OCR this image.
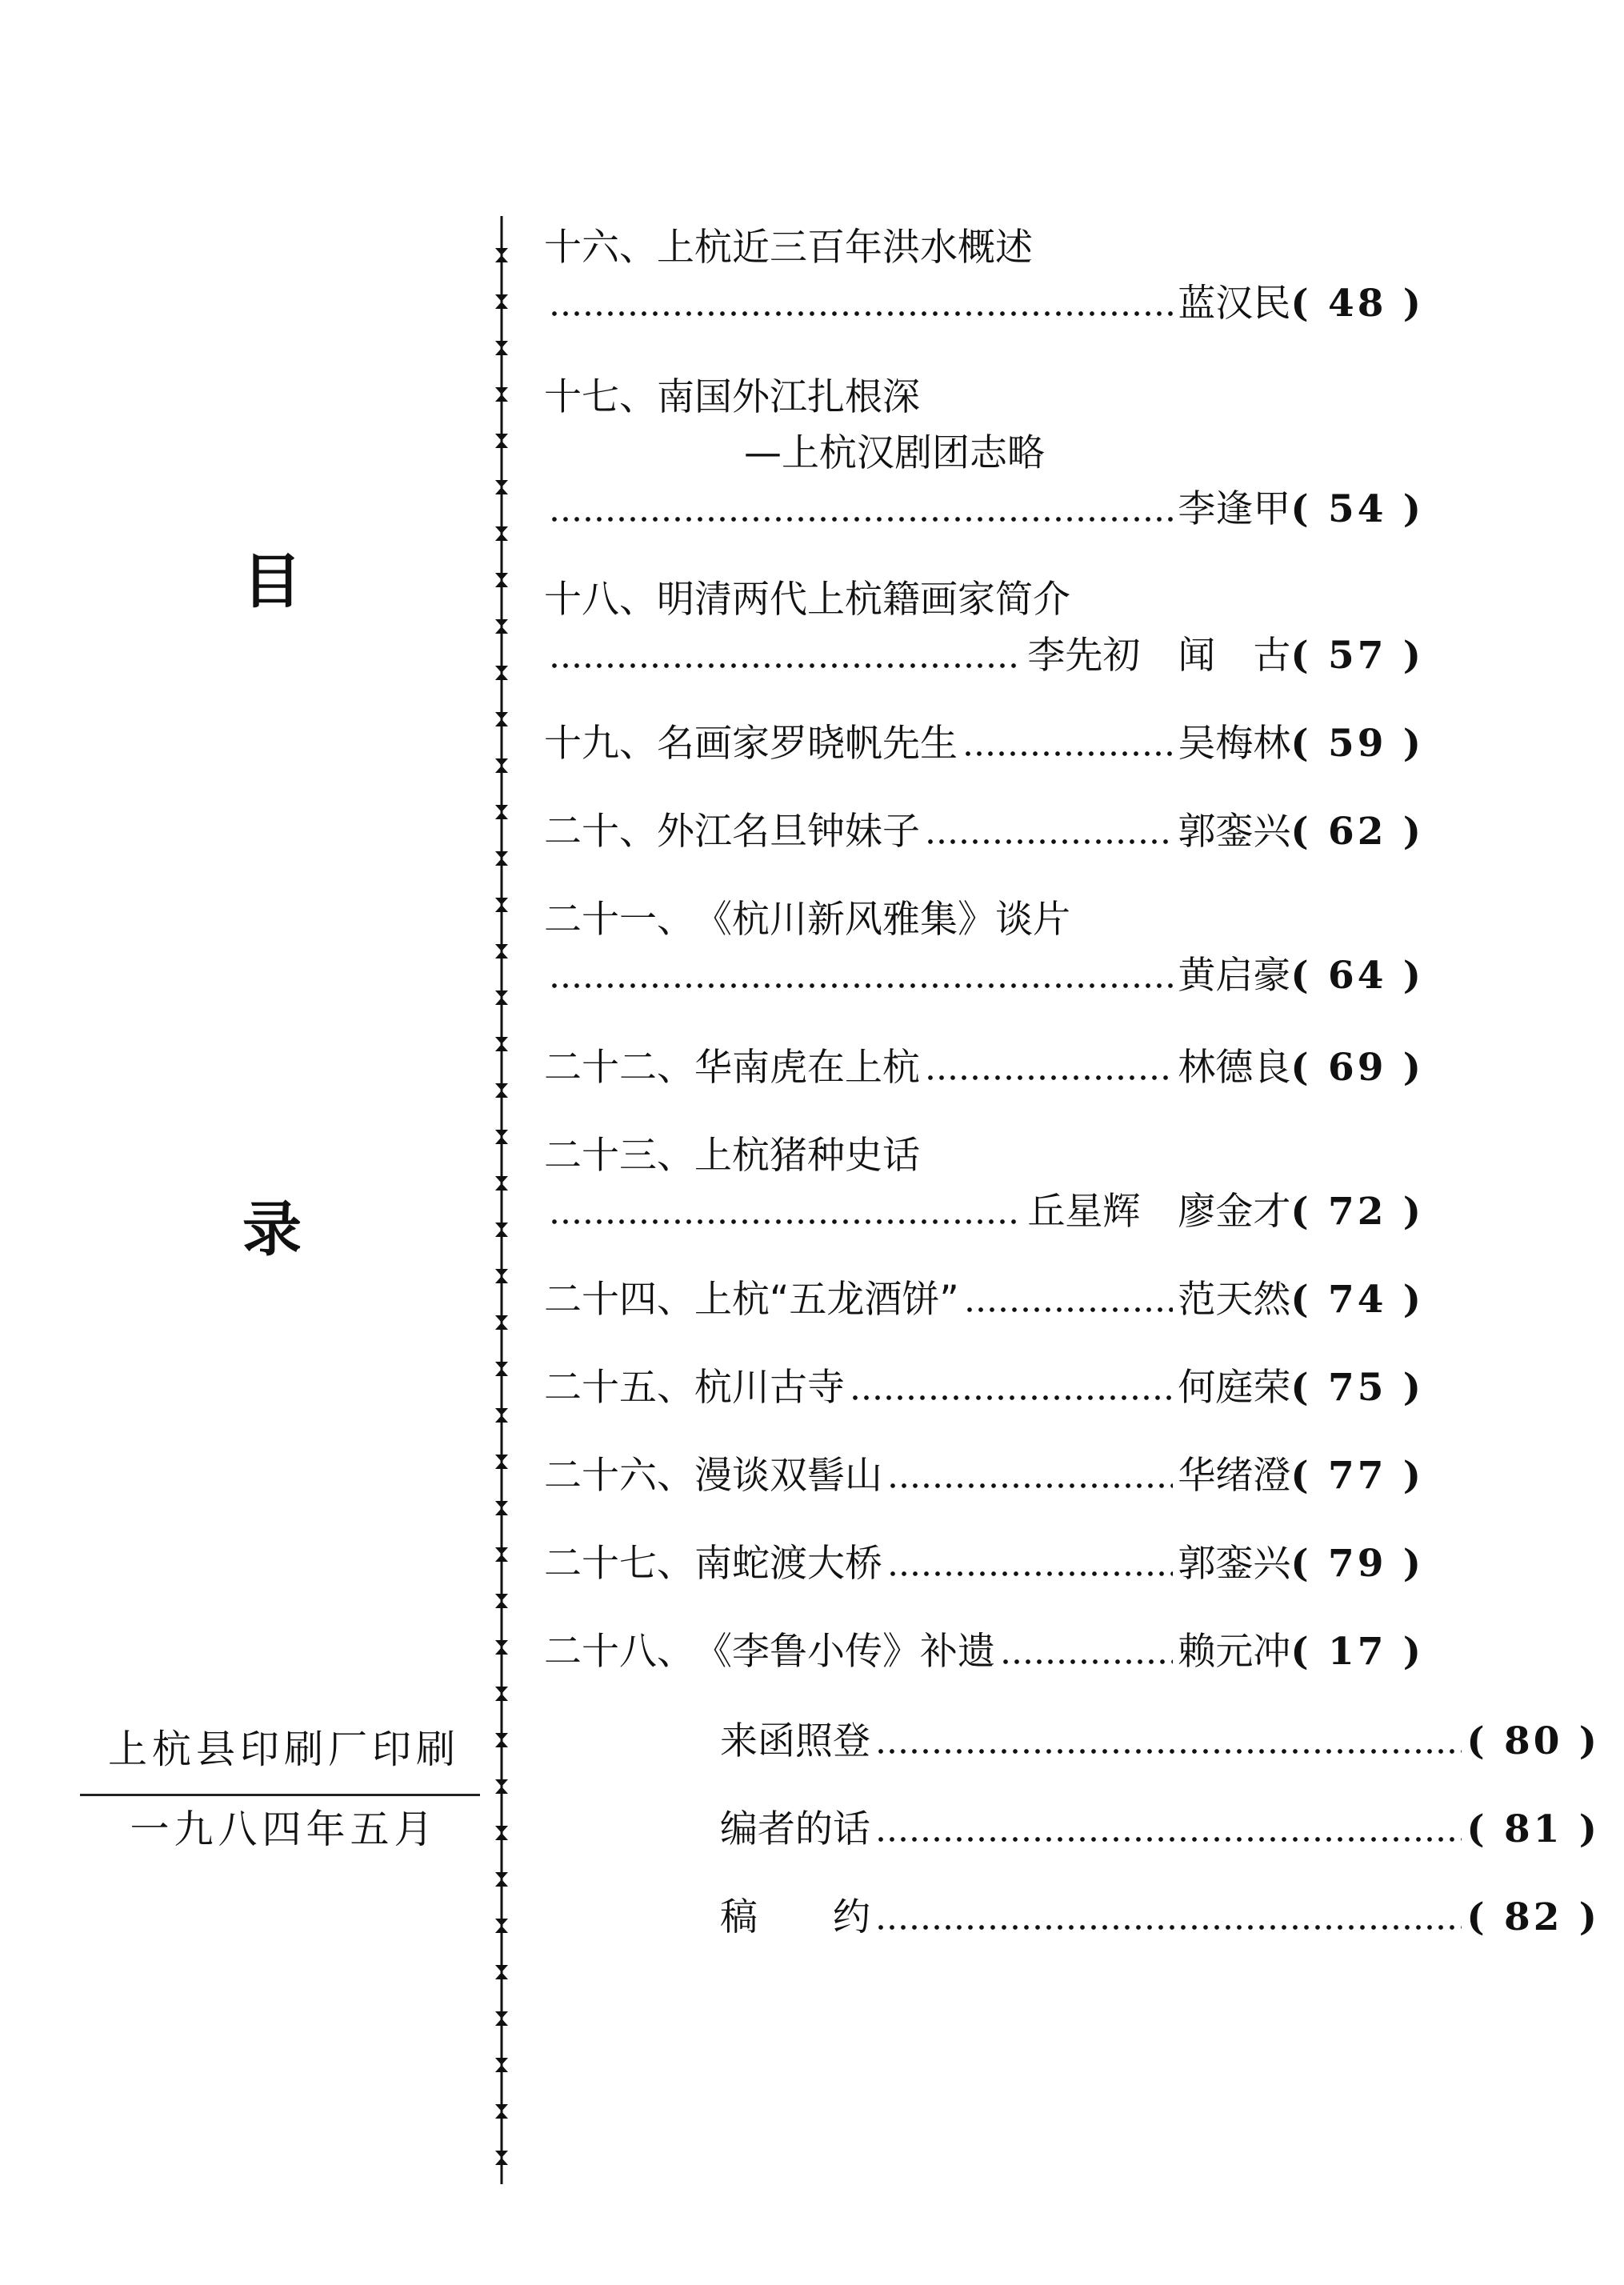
目
录
上杭县印刷厂印刷
一九八四年五月
十六、上杭近三百年洪水概述
蓝汉民 ( 48 )
十七、南国外江扎根深
—上杭汉剧团志略
李逢甲 ( 54 )
十八、明清两代上杭籍画家简介
李先初　闻　古 ( 57 )
十九、 名画家罗晓帆先生	吴梅林 ( 59 )
二十、 外江名旦钟妹子	郭銮兴 ( 62 )
二十一、《杭川新风雅集》谈片
黄启豪 ( 64 )
二十二、 华南虎在上杭	林德良 ( 69 )
二十三、上杭猪种史话
丘星辉　廖金才 ( 72 )
二十四、 上杭“五龙酒饼”	范天然 ( 74 )
二十五、 杭川古寺	何庭荣 ( 75 )
二十六、 漫谈双髻山	华绪澄 ( 77 )
二十七、 南蛇渡大桥	郭銮兴 ( 79 )
二十八、 《李鲁小传》补遗	赖元冲 ( 17 )
来函照登	( 80 )
编者的话	( 81 )
稿　　约	( 82 )
